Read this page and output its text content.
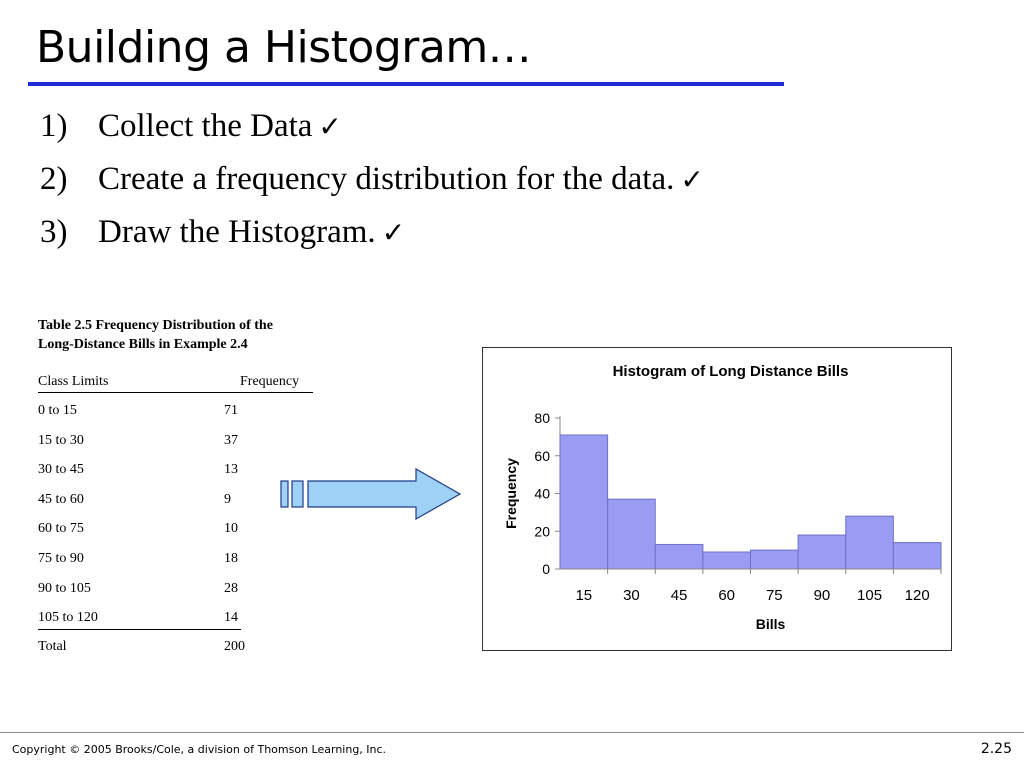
Building a Histogram…
1) Collect the Data ✓
2) Create a frequency distribution for the data. ✓
3) Draw the Histogram. ✓
Table 2.5 Frequency Distribution of the
Long-Distance Bills in Example 2.4
Class Limits	Frequency
0 to 15	71
15 to 30	37
30 to 45	13
45 to 60	9
60 to 75	10
75 to 90	18
90 to 105	28
105 to 120	14
Total	200
Histogram of Long Distance Bills
0
20
40
60
80
15 30 45 60 75 90 105 120
Bills
Frequency
Copyright © 2005 Brooks/Cole, a division of Thomson Learning, Inc.	2.25
